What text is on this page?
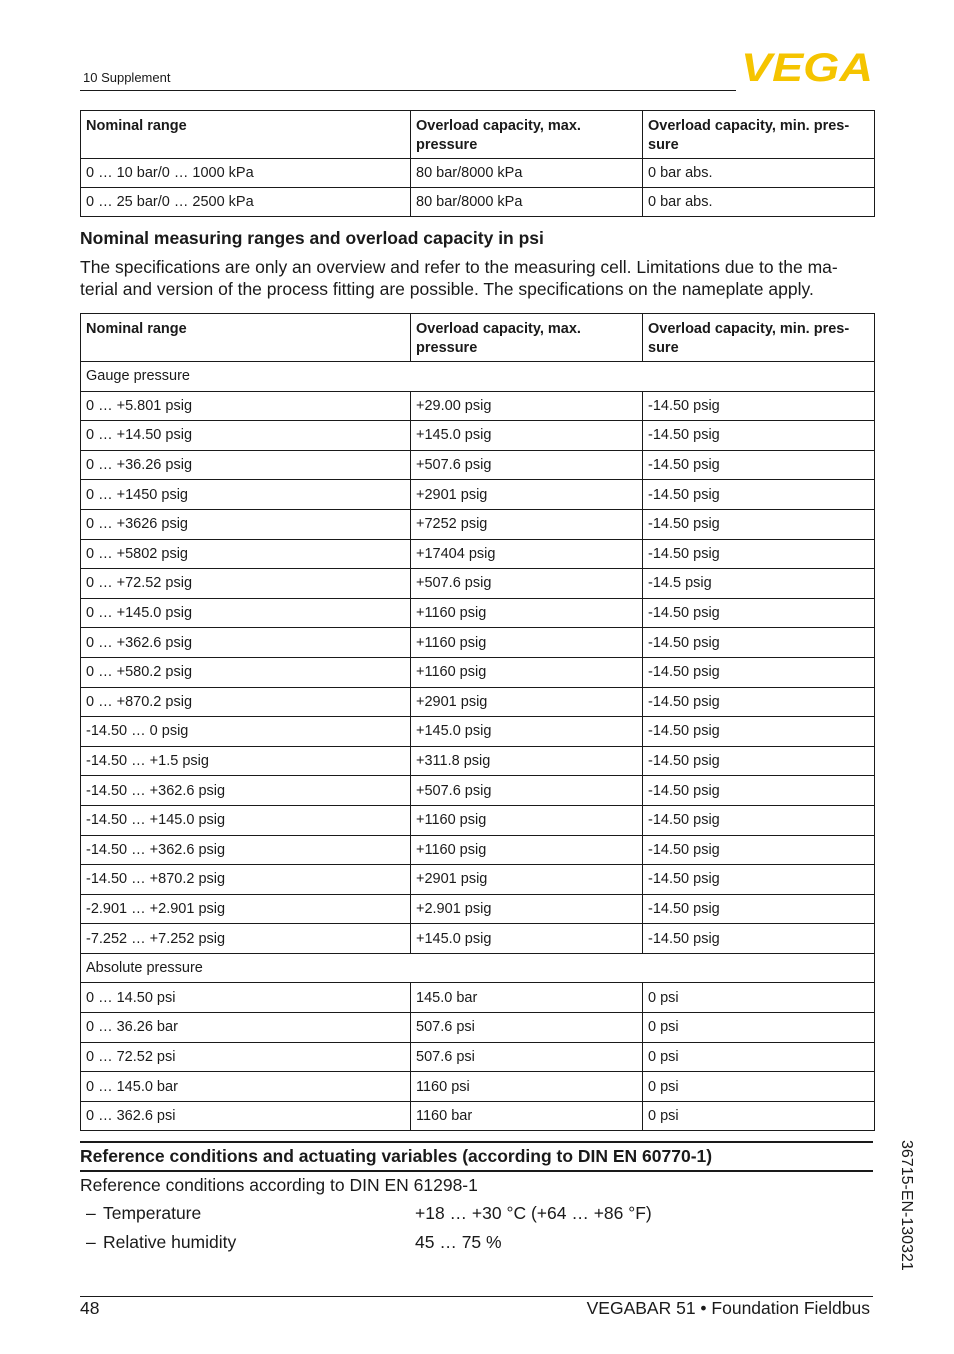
10 Supplement	VEGA
Nominal range	Overload capacity, max. pressure	Overload capacity, min. pres- sure
0 … 10 bar/0 … 1000 kPa	80 bar/8000 kPa	0 bar abs.
0 … 25 bar/0 … 2500 kPa	80 bar/8000 kPa	0 bar abs.
Nominal measuring ranges and overload capacity in psi
The specifications are only an overview and refer to the measuring cell. Limitations due to the ma- terial and version of the process fitting are possible. The specifications on the nameplate apply.
Nominal range	Overload capacity, max. pressure	Overload capacity, min. pres- sure
Gauge pressure		
0 … +5.801 psig	+29.00 psig	-14.50 psig
0 … +14.50 psig	+145.0 psig	-14.50 psig
0 … +36.26 psig	+507.6 psig	-14.50 psig
0 … +1450 psig	+2901 psig	-14.50 psig
0 … +3626 psig	+7252 psig	-14.50 psig
0 … +5802 psig	+17404 psig	-14.50 psig
0 … +72.52 psig	+507.6 psig	-14.5 psig
0 … +145.0 psig	+1160 psig	-14.50 psig
0 … +362.6 psig	+1160 psig	-14.50 psig
0 … +580.2 psig	+1160 psig	-14.50 psig
0 … +870.2 psig	+2901 psig	-14.50 psig
-14.50 … 0 psig	+145.0 psig	-14.50 psig
-14.50 … +1.5 psig	+311.8 psig	-14.50 psig
-14.50 … +362.6 psig	+507.6 psig	-14.50 psig
-14.50 … +145.0 psig	+1160 psig	-14.50 psig
-14.50 … +362.6 psig	+1160 psig	-14.50 psig
-14.50 … +870.2 psig	+2901 psig	-14.50 psig
-2.901 … +2.901 psig	+2.901 psig	-14.50 psig
-7.252 … +7.252 psig	+145.0 psig	-14.50 psig
Absolute pressure		
0 … 14.50 psi	145.0 bar	0 psi
0 … 36.26 bar	507.6 psi	0 psi
0 … 72.52 psi	507.6 psi	0 psi
0 … 145.0 bar	1160 psi	0 psi
0 … 362.6 psi	1160 bar	0 psi
Reference conditions and actuating variables (according to DIN EN 60770-1)
Reference conditions according to DIN EN 61298-1
– Temperature	+18 … +30 °C (+64 … +86 °F)
– Relative humidity	45 … 75 %	36715-EN-130321
48	VEGABAR 51 • Foundation Fieldbus
